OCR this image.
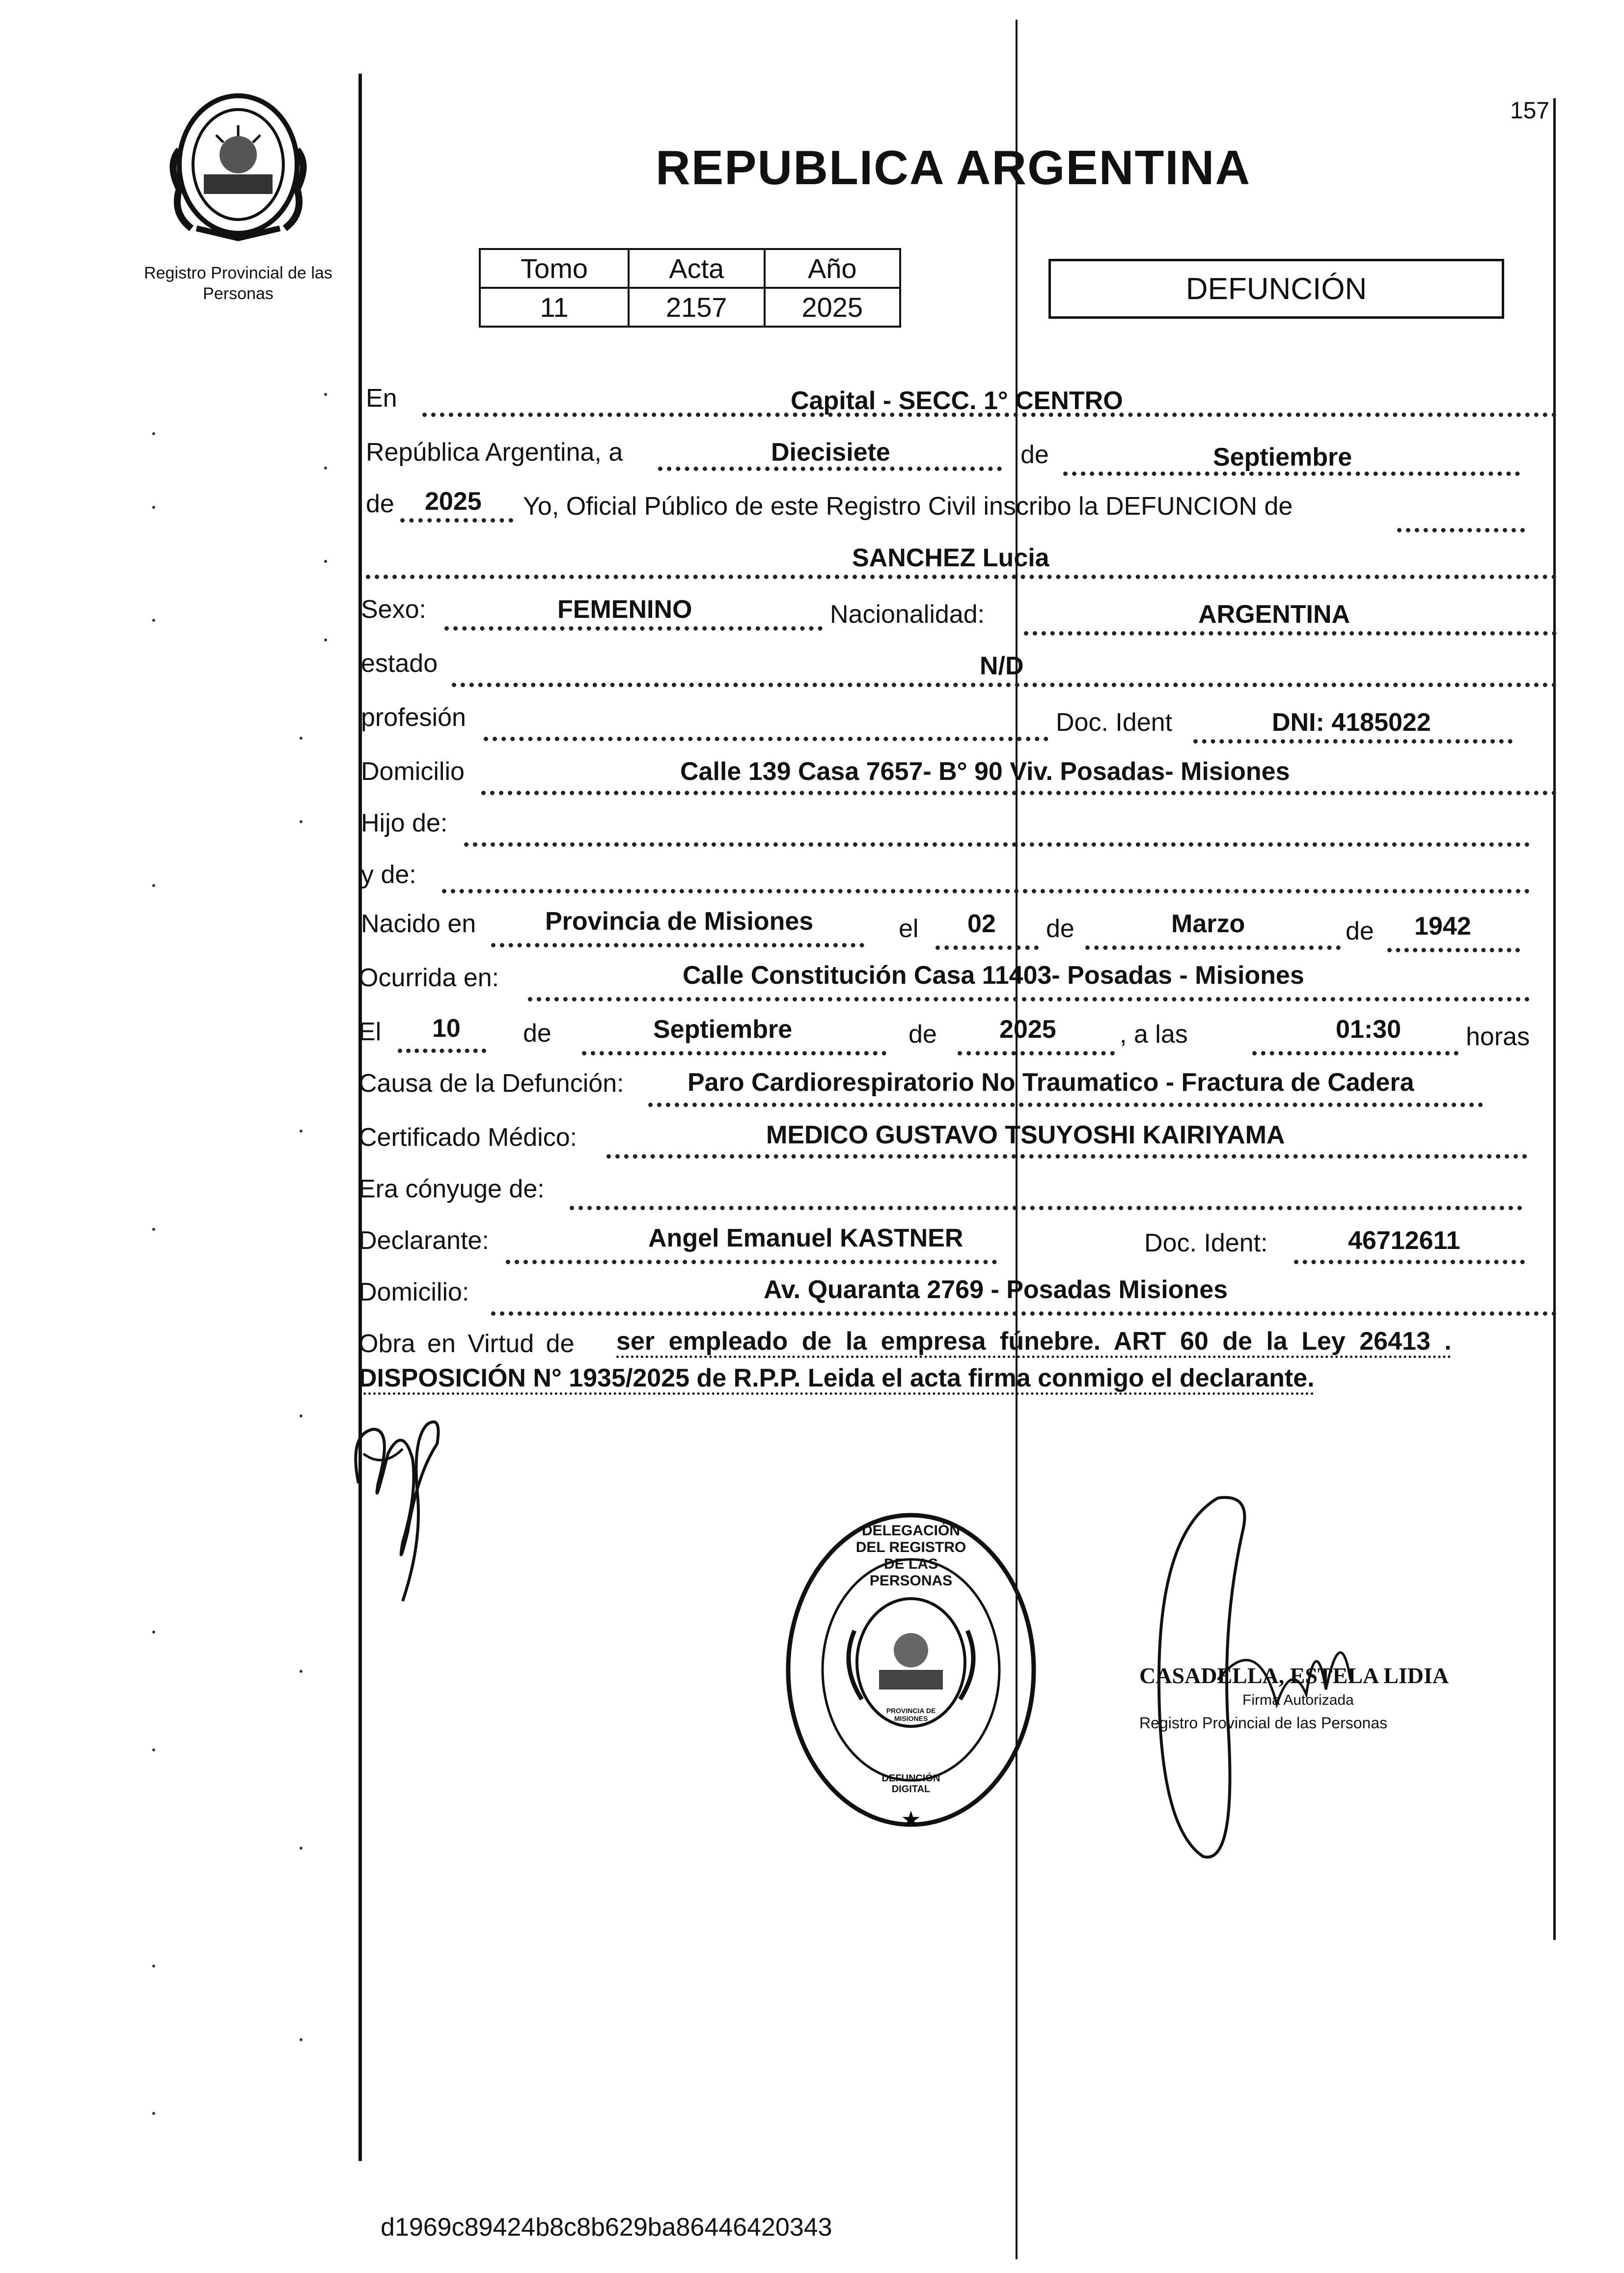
Registro Provincial de las Personas
157
REPUBLICA ARGENTINA
Tomo	Acta	Año
11	2157	2025
DEFUNCIÓN
En	Capital - SECC. 1° CENTRO
República Argentina, a	Diecisiete	de	Septiembre
de 2025 Yo, Oficial Público de este Registro Civil inscribo la DEFUNCION de
SANCHEZ Lucia
Sexo:	FEMENINO	Nacionalidad:	ARGENTINA
estado	N/D
profesión	Doc. Ident	DNI: 4185022
Domicilio	Calle 139 Casa 7657- B° 90 Viv. Posadas- Misiones
Hijo de:
y de:
Nacido en	Provincia de Misiones	el 02 de	Marzo	de 1942
Ocurrida en:	Calle Constitución Casa 11403- Posadas - Misiones
El 10 de	Septiembre	de 2025 , a las	01:30	horas
Causa de la Defunción: Paro Cardiorespiratorio No Traumatico - Fractura de Cadera
Certificado Médico:	MEDICO GUSTAVO TSUYOSHI KAIRIYAMA
Era cónyuge de:
Declarante:	Angel Emanuel KASTNER	Doc. Ident:	46712611
Domicilio:	Av. Quaranta 2769 - Posadas Misiones
Obra en Virtud de ser empleado de la empresa fúnebre. ART 60 de la Ley 26413 .
DISPOSICIÓN N° 1935/2025 de R.P.P. Leida el acta firma conmigo el declarante.
★
DELEGACIÓN DEL REGISTRO DE LAS PERSONAS
PROVINCIA DE MISIONES
DEFUNCIÓN DIGITAL
CASADELLA, ESTELA LIDIA
Firma Autorizada
Registro Provincial de las Personas
d1969c89424b8c8b629ba86446420343
